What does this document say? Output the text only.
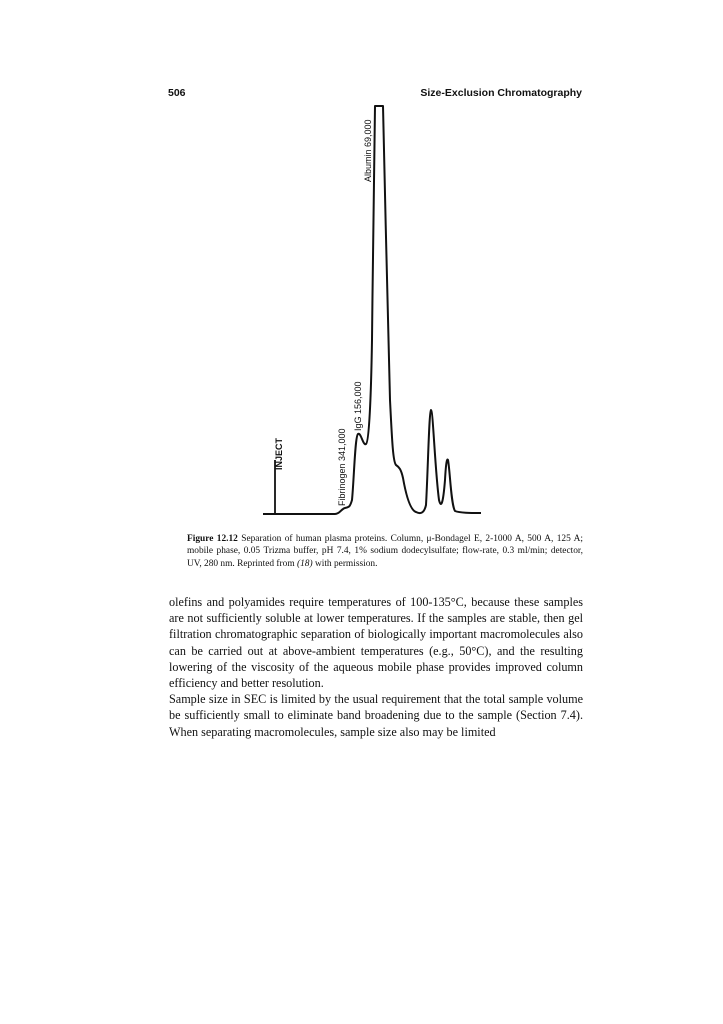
506	Size-Exclusion Chromatography
INJECT	Fibrinogen 341,000
IgG 156,000
Albumin 69,000
Figure 12.12 Separation of human plasma proteins. Column, μ-Bondagel E, 2-1000 A, 500 A, 125 A; mobile phase, 0.05 Trizma buffer, pH 7.4, 1% sodium dodecylsulfate; flow-rate, 0.3 ml/min; detector, UV, 280 nm. Reprinted from (18) with permission.

olefins and polyamides require temperatures of 100-135°C, because these samples are not sufficiently soluble at lower temperatures. If the samples are stable, then gel filtration chromatographic separation of biologically important macromolecules also can be carried out at above-ambient temperatures (e.g., 50°C), and the resulting lowering of the viscosity of the aqueous mobile phase provides improved column efficiency and better resolution.

Sample size in SEC is limited by the usual requirement that the total sample volume be sufficiently small to eliminate band broadening due to the sample (Section 7.4). When separating macromolecules, sample size also may be limited
